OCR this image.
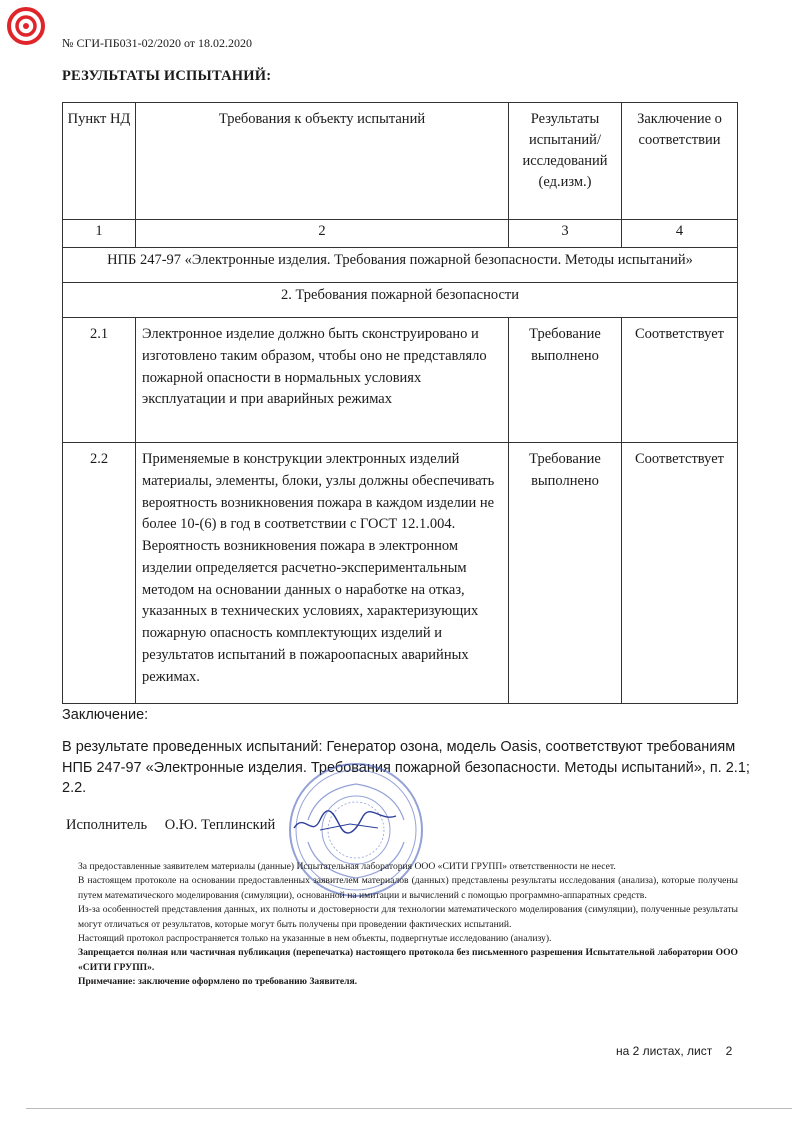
№ СГИ-ПБ031-02/2020 от 18.02.2020
РЕЗУЛЬТАТЫ ИСПЫТАНИЙ:
Пункт НД	Требования к объекту испытаний	Результаты испытаний/ исследований (ед.изм.)	Заключение о соответствии
1	2	3	4
НПБ 247-97 «Электронные изделия. Требования пожарной безопасности. Методы испытаний»			
2. Требования пожарной безопасности			
2.1	Электронное изделие должно быть сконструировано и изготовлено таким образом, чтобы оно не представляло пожарной опасности в нормальных условиях эксплуатации и при аварийных режимах	Требование выполнено	Соответствует
2.2	Применяемые в конструкции электронных изделий материалы, элементы, блоки, узлы должны обеспечивать вероятность возникновения пожара в каждом изделии не более 10-(6) в год в соответствии с ГОСТ 12.1.004. Вероятность возникновения пожара в электронном изделии определяется расчетно-экспериментальным методом на основании данных о наработке на отказ, указанных в технических условиях, характеризующих пожарную опасность комплектующих изделий и результатов испытаний в пожароопасных аварийных режимах.	Требование выполнено	Соответствует
Заключение:
В результате проведенных испытаний: Генератор озона, модель Oasis, соответствуют требованиям НПБ 247-97 «Электронные изделия. Требования пожарной безопасности. Методы испытаний», п. 2.1; 2.2.
Исполнитель О.Ю. Теплинский

За предоставленные заявителем материалы (данные) Испытательная лаборатория ООО «СИТИ ГРУПП» ответственности не несет.

В настоящем протоколе на основании предоставленных заявителем материалов (данных) представлены результаты исследования (анализа), которые получены путем математического моделирования (симуляции), основанной на имитации и вычислений с помощью программно-аппаратных средств.

Из-за особенностей представления данных, их полноты и достоверности для технологии математического моделирования (симуляции), полученные результаты могут отличаться от результатов, которые могут быть получены при проведении фактических испытаний.

Настоящий протокол распространяется только на указанные в нем объекты, подвергнутые исследованию (анализу).

Запрещается полная или частичная публикация (перепечатка) настоящего протокола без письменного разрешения Испытательной лаборатории ООО «СИТИ ГРУПП».

Примечание: заключение оформлено по требованию Заявителя.

на 2 листах, лист 2
